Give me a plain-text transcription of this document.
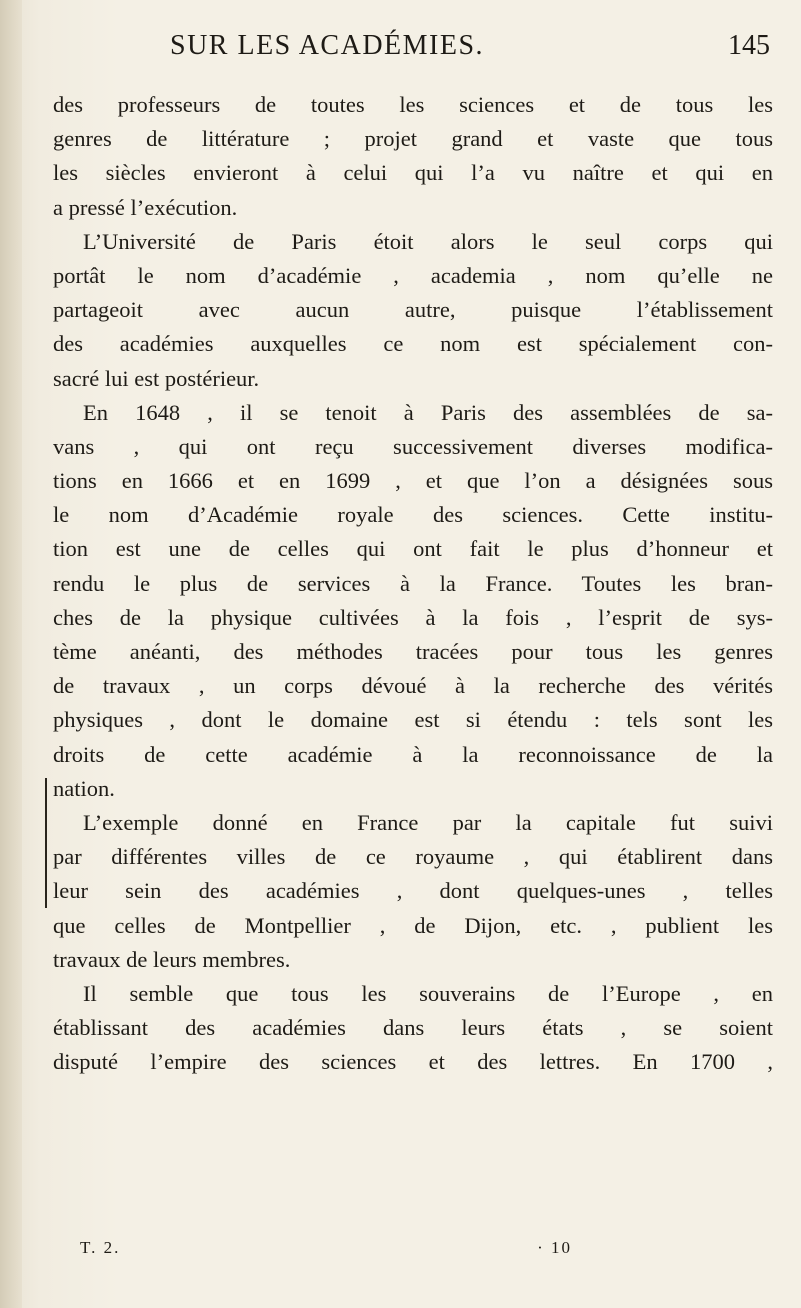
SUR LES ACADÉMIES.	145
des professeurs de toutes les sciences et de tous les
genres de littérature ; projet grand et vaste que tous
les siècles envieront à celui qui l’a vu naître et qui en
a pressé l’exécution.
L’Université de Paris étoit alors le seul corps qui
portât le nom d’académie , academia , nom qu’elle ne
partageoit avec aucun autre, puisque l’établissement
des académies auxquelles ce nom est spécialement con-
sacré lui est postérieur.
En 1648 , il se tenoit à Paris des assemblées de sa-
vans , qui ont reçu successivement diverses modifica-
tions en 1666 et en 1699 , et que l’on a désignées sous
le nom d’Académie royale des sciences. Cette institu-
tion est une de celles qui ont fait le plus d’honneur et
rendu le plus de services à la France. Toutes les bran-
ches de la physique cultivées à la fois , l’esprit de sys-
tème anéanti, des méthodes tracées pour tous les genres
de travaux , un corps dévoué à la recherche des vérités
physiques , dont le domaine est si étendu : tels sont les
droits de cette académie à la reconnoissance de la
nation.
L’exemple donné en France par la capitale fut suivi
par différentes villes de ce royaume , qui établirent dans
leur sein des académies , dont quelques-unes , telles
que celles de Montpellier , de Dijon, etc. , publient les
travaux de leurs membres.
Il semble que tous les souverains de l’Europe , en
établissant des académies dans leurs états , se soient
disputé l’empire des sciences et des lettres. En 1700 ,
T. 2.	· 10
